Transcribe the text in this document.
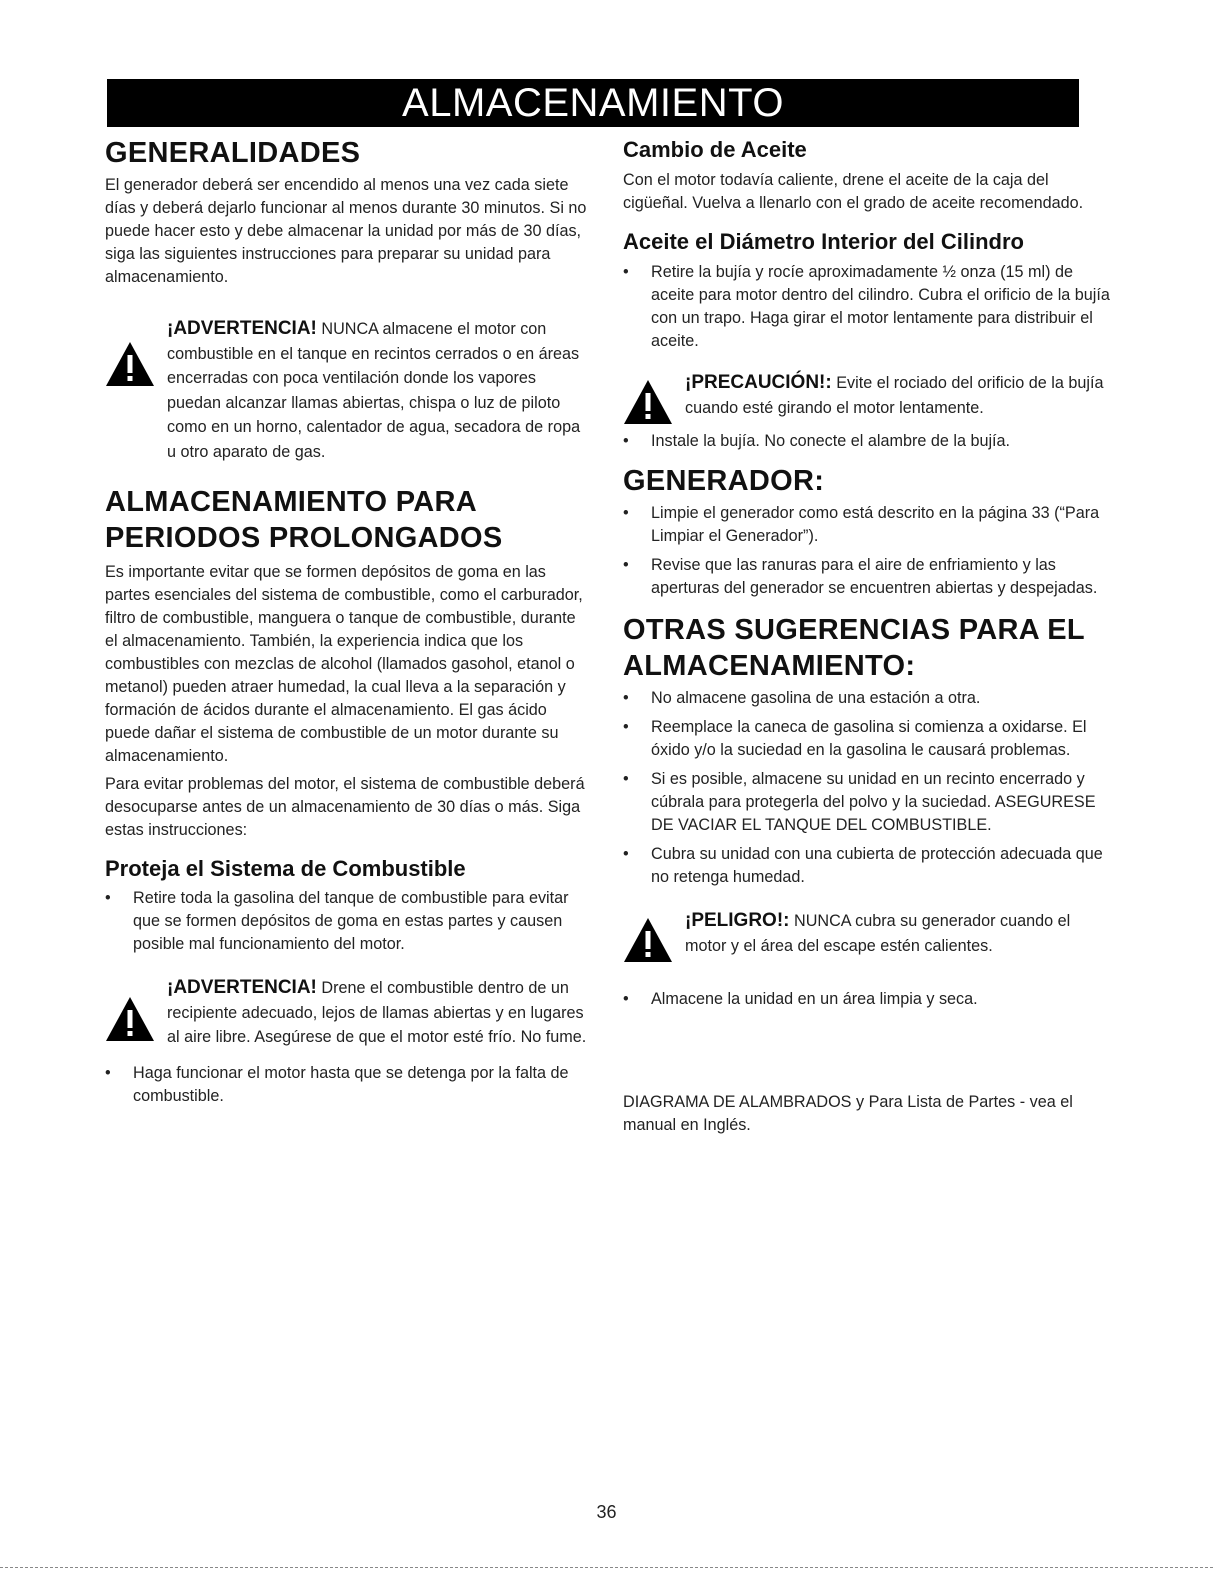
ALMACENAMIENTO
GENERALIDADES

El generador deberá ser encendido al menos una vez cada siete días y deberá dejarlo funcionar al menos durante 30 minutos. Si no puede hacer esto y debe almacenar la unidad por más de 30 días, siga las siguientes instrucciones para preparar su unidad para almacenamiento.

¡ADVERTENCIA! NUNCA almacene el motor con combustible en el tanque en recintos cerrados o en áreas encerradas con poca ventilación donde los vapores puedan alcanzar llamas abiertas, chispa o luz de piloto como en un horno, calentador de agua, secadora de ropa u otro aparato de gas.
ALMACENAMIENTO PARA PERIODOS PROLONGADOS

Es importante evitar que se formen depósitos de goma en las partes esenciales del sistema de combustible, como el carburador, filtro de combustible, manguera o tanque de combustible, durante el almacenamiento. También, la experiencia indica que los combustibles con mezclas de alcohol (llamados gasohol, etanol o metanol) pueden atraer humedad, la cual lleva a la separación y formación de ácidos durante el almacenamiento. El gas ácido puede dañar el sistema de combustible de un motor durante su almacenamiento.

Para evitar problemas del motor, el sistema de combustible deberá desocuparse antes de un almacenamiento de 30 días o más. Siga estas instrucciones:

Proteja el Sistema de Combustible
• Retire toda la gasolina del tanque de combustible para evitar que se formen depósitos de goma en estas partes y causen posible mal funcionamiento del motor.
¡ADVERTENCIA! Drene el combustible dentro de un recipiente adecuado, lejos de llamas abiertas y en lugares al aire libre. Asegúrese de que el motor esté frío. No fume.
• Haga funcionar el motor hasta que se detenga por la falta de combustible.
Cambio de Aceite

Con el motor todavía caliente, drene el aceite de la caja del cigüeñal. Vuelva a llenarlo con el grado de aceite recomendado.

Aceite el Diámetro Interior del Cilindro
• Retire la bujía y rocíe aproximadamente ½ onza (15 ml) de aceite para motor dentro del cilindro. Cubra el orificio de la bujía con un trapo. Haga girar el motor lentamente para distribuir el aceite.
¡PRECAUCIÓN!: Evite el rociado del orificio de la bujía cuando esté girando el motor lentamente.
• Instale la bujía. No conecte el alambre de la bujía.
GENERADOR:
• Limpie el generador como está descrito en la página 33 (“Para Limpiar el Generador”).
• Revise que las ranuras para el aire de enfriamiento y las aperturas del generador se encuentren abiertas y despejadas.
OTRAS SUGERENCIAS PARA EL ALMACENAMIENTO:
• No almacene gasolina de una estación a otra.
• Reemplace la caneca de gasolina si comienza a oxidarse. El óxido y/o la suciedad en la gasolina le causará problemas.
• Si es posible, almacene su unidad en un recinto encerrado y cúbrala para protegerla del polvo y la suciedad. ASEGURESE DE VACIAR EL TANQUE DEL COMBUSTIBLE.
• Cubra su unidad con una cubierta de protección adecuada que no retenga humedad.
¡PELIGRO!: NUNCA cubra su generador cuando el motor y el área del escape estén calientes.
• Almacene la unidad en un área limpia y seca.

DIAGRAMA DE ALAMBRADOS y Para Lista de Partes - vea el manual en Inglés.

36
